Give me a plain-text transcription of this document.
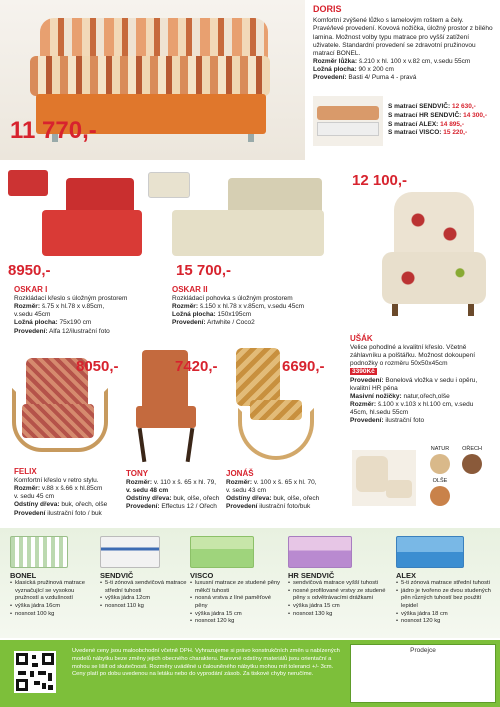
11 770,-
DORIS
Komfortní zvýšené lůžko s lamelovým roštem a čely. Pravé/levé provedení. Kovová nožička, úložný prostor z bílého lamina. Možnost volby typu matrace pro vyšší zatížení uživatele. Standardní provedení se zdravotní pružinovou matrací BONEL.
Rozměr lůžka: š.210 x hl. 100 x v.82 cm, v.sedu 55cm
Ložná plocha: 90 x 200 cm
Provedení: Basti 4/ Puma 4 - pravá
S matrací SENDVIČ: 12 630,-
S matrací HR SENDVIČ: 14 300,-
S matrací ALEX: 14 895,-
S matrací VISCO: 15 220,-
8950,-
OSKAR I
Rozkládací křeslo s úložným prostorem
Rozměr: š.75 x hl.78 x v.85cm,
v.sedu 45cm
Ložná plocha: 75x190 cm
Provedení: Alfa 12/ilustrační foto
15 700,-
OSKAR II
Rozkládací pohovka s úložným prostorem
Rozměr: š.150 x hl.78 x v.85cm, v.sedu 45cm
Ložná plocha: 150x195cm
Provedení: Artwhite / Coco2
12 100,-
UŠÁK
Velice pohodlné a kvalitní křeslo. Včetně záhlavníku a polštářku. Možnost dokoupení podnožky o rozměru 50x50x45cm
3390Kč
Provedení: Bonelová vložka v sedu i opěru, kvalitní HR pěna
Masivní nožičky: natur,ořech,olše
Rozměr: š.100 x v.103 x hl.100 cm, v.sedu 45cm, hl.sedu 55cm
Provedení: ilustrační foto
NATUR	OŘECH
OLŠE
8050,-
FELIX
Komfortní křeslo v retro stylu.
Rozměr: v.88 x š.66 x hl.85cm
v. sedu 45 cm
Odstíny dřeva: buk, ořech, olše
Provedení ilustrační foto / buk
7420,-
TONY
Rozměr: v. 110 x š. 65 x hl. 79,
v. sedu 48 cm
Odstíny dřeva: buk, olše, ořech
Provedení: Effectus 12 / Ořech
6690,-
JONÁŠ
Rozměr: v. 100 x š. 65 x hl. 70,
v. sedu 43 cm
Odstíny dřeva: buk, olše, ořech
Provedení ilustrační foto/buk
BONEL
• klasická pružinová matrace vyznačující se vysokou pružností a vzdušností
• výška jádra 16cm
• nosnost 100 kg
SENDVIČ
• 5-ti zónová sendvičová matrace střední tuhosti
• výška jádra 12cm
• nosnost 110 kg
VISCO
• luxusní matrace ze studené pěny měkčí tuhosti
• nosná vrstva z líné paměťové pěny
• výška jádra 15 cm
• nosnost 120 kg
HR SENDVIČ
• sendvičová matrace vyšší tuhosti
• nosné profilované vrstvy ze studené pěny s odvětrávacími drážkami
• výška jádra 15 cm
• nosnost 130 kg
ALEX
• 5-ti zónová matrace střední tuhosti
• jádro je tvořeno ze dvou studených pěn různých tuhostí bez použití lepidel
• výška jádra 18 cm
• nosnost 120 kg
Uvedené ceny jsou maloobchodní včetně DPH. Vyhrazujeme si právo konstrukčních změn u nabízených modelů nábytku beze změny jejich obecného charakteru. Barevné odstíny materiálů jsou orientační a mohou se lišit od skutečnosti. Rozměry uváděné u čalouněného nábytku mohou mít toleranci +/- 3cm. Ceny platí po dobu uvedenou na letáku nebo do vyprodání zásob. Za tiskové chyby neručíme.
Prodejce
